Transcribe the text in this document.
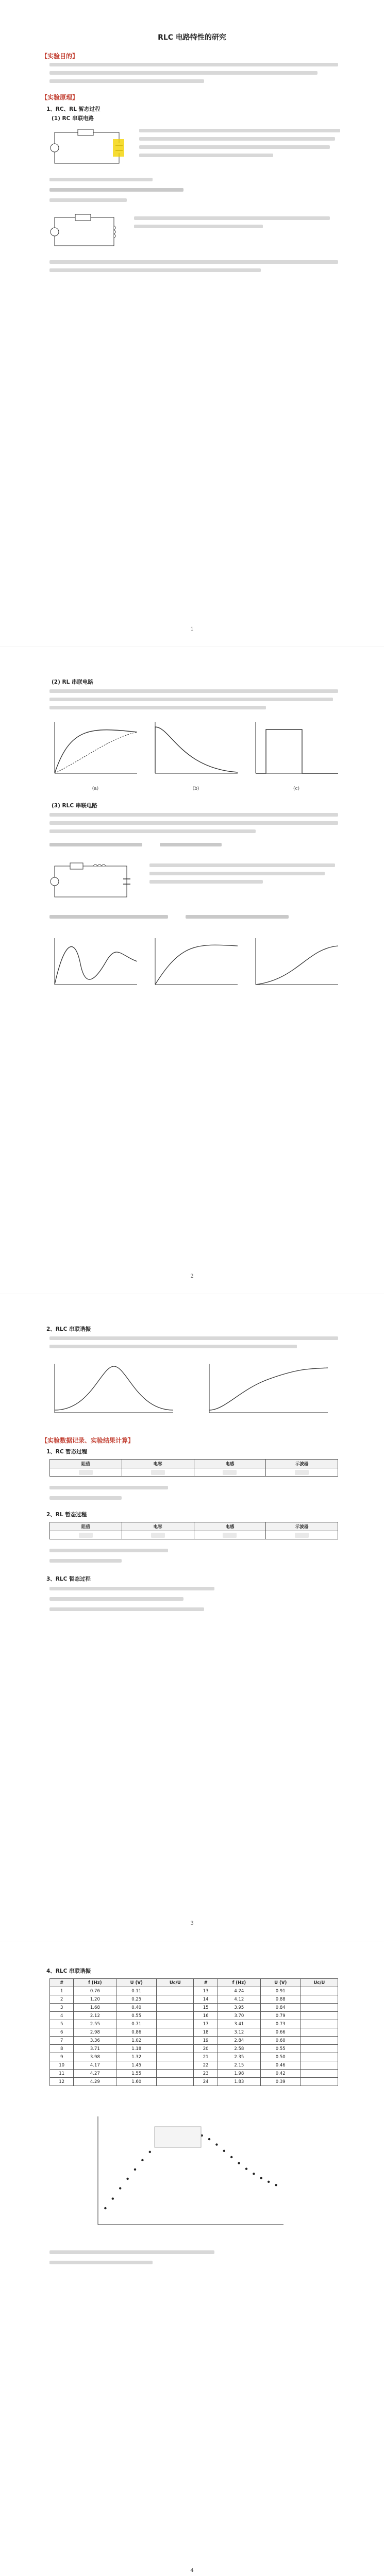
RLC 电路特性的研究
【实验目的】
【实验原理】
1、RC、RL 暂态过程
(1) RC 串联电路
1
(2) RL 串联电路
(a)	(b)	(c)
(3) RLC 串联电路
2
2、RLC 串联谐振
【实验数据记录、实验结果计算】
1、RC 暂态过程
阻值	电容	电感	示波器

2、RL 暂态过程
阻值	电容	电感	示波器

3、RLC 暂态过程
3
4、RLC 串联谐振
#	f (Hz)	U (V)	Uc/U	#	f (Hz)	U (V)	Uc/U
1	0.76	0.11		13	4.24	0.91	
2	1.20	0.25		14	4.12	0.88	
3	1.68	0.40		15	3.95	0.84	
4	2.12	0.55		16	3.70	0.79	
5	2.55	0.71		17	3.41	0.73	
6	2.98	0.86		18	3.12	0.66	
7	3.36	1.02		19	2.84	0.60	
8	3.71	1.18		20	2.58	0.55	
9	3.98	1.32		21	2.35	0.50	
10	4.17	1.45		22	2.15	0.46	
11	4.27	1.55		23	1.98	0.42	
12	4.29	1.60		24	1.83	0.39	
4
